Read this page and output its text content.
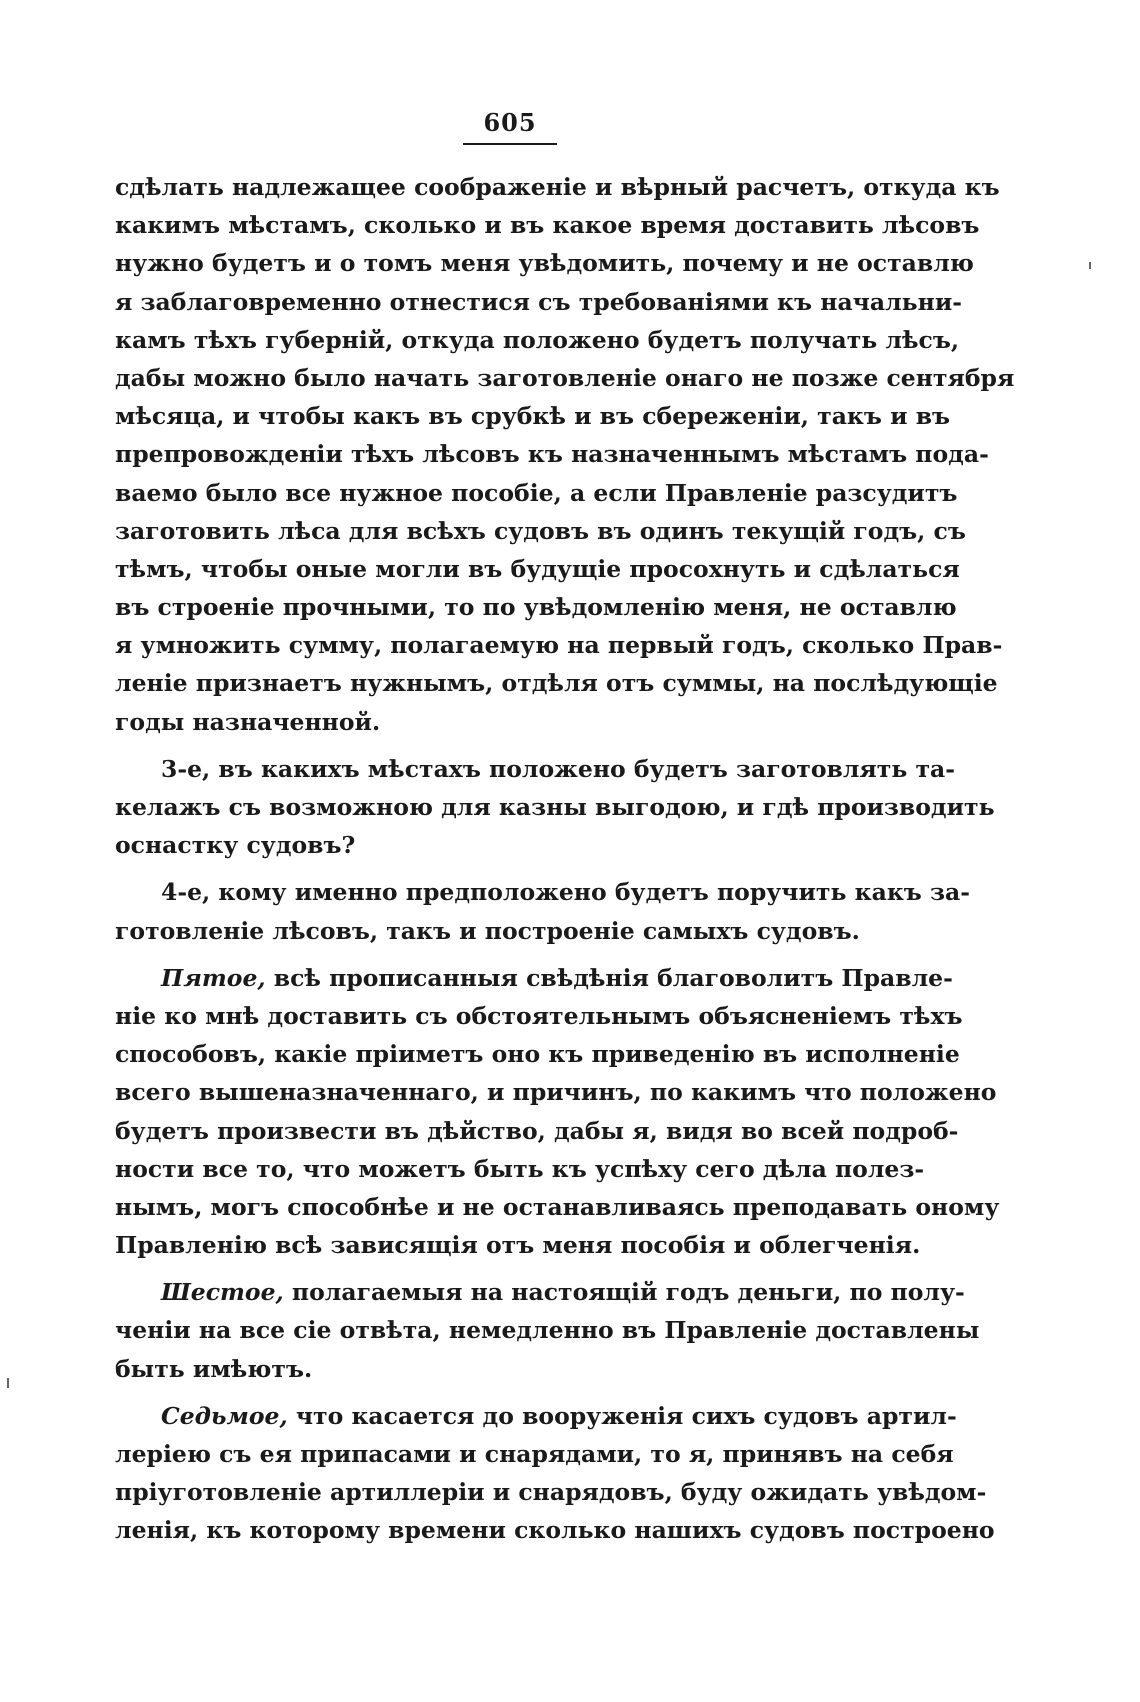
605
сдѣлать надлежащее соображеніе и вѣрный расчетъ, откуда къ
какимъ мѣстамъ, сколько и въ какое время доставить лѣсовъ
нужно будетъ и о томъ меня увѣдомить, почему и не оставлю
я заблаговременно отнестися съ требованіями къ начальни-
камъ тѣхъ губерній, откуда положено будетъ получать лѣсъ,
дабы можно было начать заготовленіе онаго не позже сентября
мѣсяца, и чтобы какъ въ срубкѣ и въ сбереженіи, такъ и въ
препровожденіи тѣхъ лѣсовъ къ назначеннымъ мѣстамъ пода-
ваемо было все нужное пособіе, а если Правленіе разсудитъ
заготовить лѣса для всѣхъ судовъ въ одинъ текущій годъ, съ
тѣмъ, чтобы оные могли въ будущіе просохнуть и сдѣлаться
въ строеніе прочными, то по увѣдомленію меня, не оставлю
я умножить сумму, полагаемую на первый годъ, сколько Прав-
леніе признаетъ нужнымъ, отдѣля отъ суммы, на послѣдующіе
годы назначенной.
3-е, въ какихъ мѣстахъ положено будетъ заготовлять та-
келажъ съ возможною для казны выгодою, и гдѣ производить
оснастку судовъ?
4-е, кому именно предположено будетъ поручить какъ за-
готовленіе лѣсовъ, такъ и построеніе самыхъ судовъ.
Пятое, всѣ прописанныя свѣдѣнія благоволитъ Правле-
ніе ко мнѣ доставить съ обстоятельнымъ объясненіемъ тѣхъ
способовъ, какіе пріиметъ оно къ приведенію въ исполненіе
всего вышеназначеннаго, и причинъ, по какимъ что положено
будетъ произвести въ дѣйство, дабы я, видя во всей подроб-
ности все то, что можетъ быть къ успѣху сего дѣла полез-
нымъ, могъ способнѣе и не останавливаясь преподавать оному
Правленію всѣ зависящія отъ меня пособія и облегченія.
Шестое, полагаемыя на настоящій годъ деньги, по полу-
ченіи на все сіе отвѣта, немедленно въ Правленіе доставлены
быть имѣютъ.
Седьмое, что касается до вооруженія сихъ судовъ артил-
леріею съ ея припасами и снарядами, то я, принявъ на себя
пріуготовленіе артиллеріи и снарядовъ, буду ожидать увѣдом-
ленія, къ которому времени сколько нашихъ судовъ построено
